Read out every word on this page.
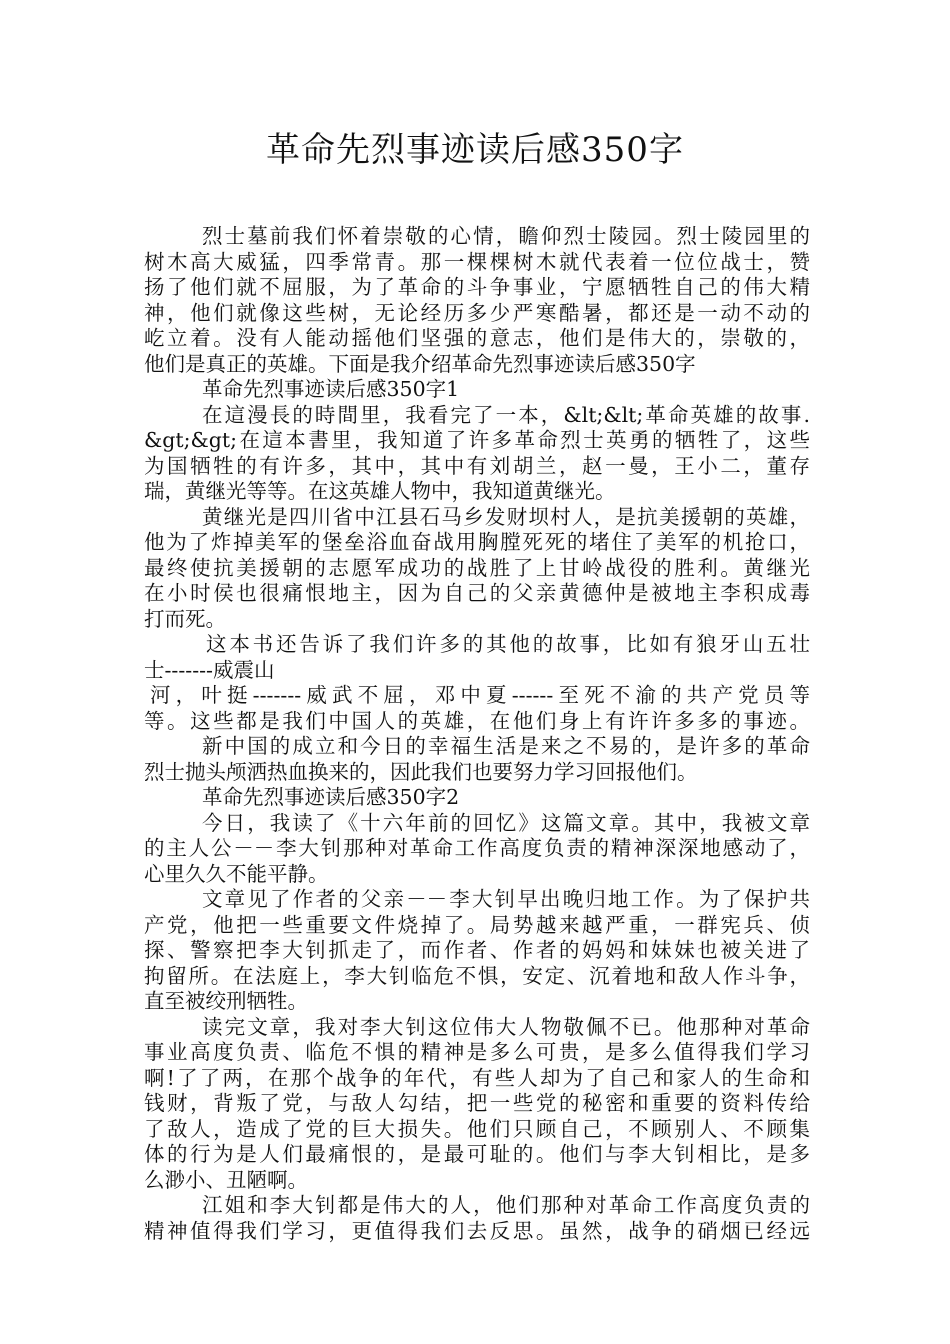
革命先烈事迹读后感350字
烈士墓前我们怀着崇敬的心情，瞻仰烈士陵园。烈士陵园里的
树木高大威猛，四季常青。那一棵棵树木就代表着一位位战士，赞
扬了他们就不屈服，为了革命的斗争事业，宁愿牺牲自己的伟大精
神，他们就像这些树，无论经历多少严寒酷暑，都还是一动不动的
屹立着。没有人能动摇他们坚强的意志，他们是伟大的，崇敬的，
他们是真正的英雄。下面是我介绍革命先烈事迹读后感350字
革命先烈事迹读后感350字1
在這漫長的時間里，我看完了一本，&lt;&lt;革命英雄的故事.
&gt;&gt;在這本書里，我知道了许多革命烈士英勇的牺牲了，这些
为国牺牲的有许多，其中，其中有刘胡兰，赵一曼，王小二，董存
瑞，黄继光等等。在这英雄人物中，我知道黄继光。
黄继光是四川省中江县石马乡发财坝村人，是抗美援朝的英雄，
他为了炸掉美军的堡垒浴血奋战用胸膛死死的堵住了美军的机抢口，
最终使抗美援朝的志愿军成功的战胜了上甘岭战役的胜利。黄继光
在小时侯也很痛恨地主，因为自己的父亲黄德仲是被地主李积成毒
打而死。
这本书还告诉了我们许多的其他的故事，比如有狼牙山五壮
士-------威震山
河，叶挺-------威武不屈，邓中夏------至死不渝的共产党员等
等。这些都是我们中国人的英雄，在他们身上有许许多多的事迹。
新中国的成立和今日的幸福生活是来之不易的，是许多的革命
烈士抛头颅洒热血换来的，因此我们也要努力学习回报他们。
革命先烈事迹读后感350字2
今日，我读了《十六年前的回忆》这篇文章。其中，我被文章
的主人公－－李大钊那种对革命工作高度负责的精神深深地感动了，
心里久久不能平静。
文章见了作者的父亲－－李大钊早出晚归地工作。为了保护共
产党，他把一些重要文件烧掉了。局势越来越严重，一群宪兵、侦
探、警察把李大钊抓走了，而作者、作者的妈妈和妹妹也被关进了
拘留所。在法庭上，李大钊临危不惧，安定、沉着地和敌人作斗争，
直至被绞刑牺牲。
读完文章，我对李大钊这位伟大人物敬佩不已。他那种对革命
事业高度负责、临危不惧的精神是多么可贵，是多么值得我们学习
啊!了了两，在那个战争的年代，有些人却为了自己和家人的生命和
钱财，背叛了党，与敌人勾结，把一些党的秘密和重要的资料传给
了敌人，造成了党的巨大损失。他们只顾自己，不顾别人、不顾集
体的行为是人们最痛恨的，是最可耻的。他们与李大钊相比，是多
么渺小、丑陋啊。
江姐和李大钊都是伟大的人，他们那种对革命工作高度负责的
精神值得我们学习，更值得我们去反思。虽然，战争的硝烟已经远
